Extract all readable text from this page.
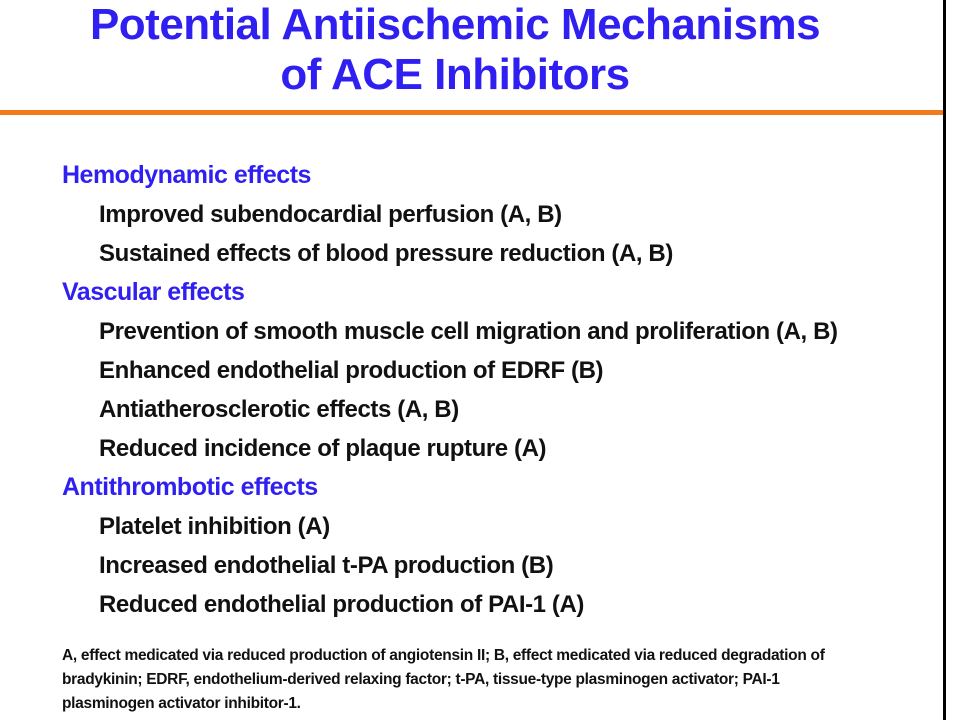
Potential Antiischemic Mechanisms
of ACE Inhibitors
Hemodynamic effects
Improved subendocardial perfusion (A, B)
Sustained effects of blood pressure reduction (A, B)
Vascular effects
Prevention of smooth muscle cell migration and proliferation (A, B)
Enhanced endothelial production of EDRF (B)
Antiatherosclerotic effects (A, B)
Reduced incidence of plaque rupture (A)
Antithrombotic effects
Platelet inhibition (A)
Increased endothelial t-PA production (B)
Reduced endothelial production of PAI-1 (A)
A, effect medicated via reduced production of angiotensin II; B, effect medicated via reduced degradation of bradykinin; EDRF, endothelium-derived relaxing factor; t-PA, tissue-type plasminogen activator; PAI-1 plasminogen activator inhibitor-1.
